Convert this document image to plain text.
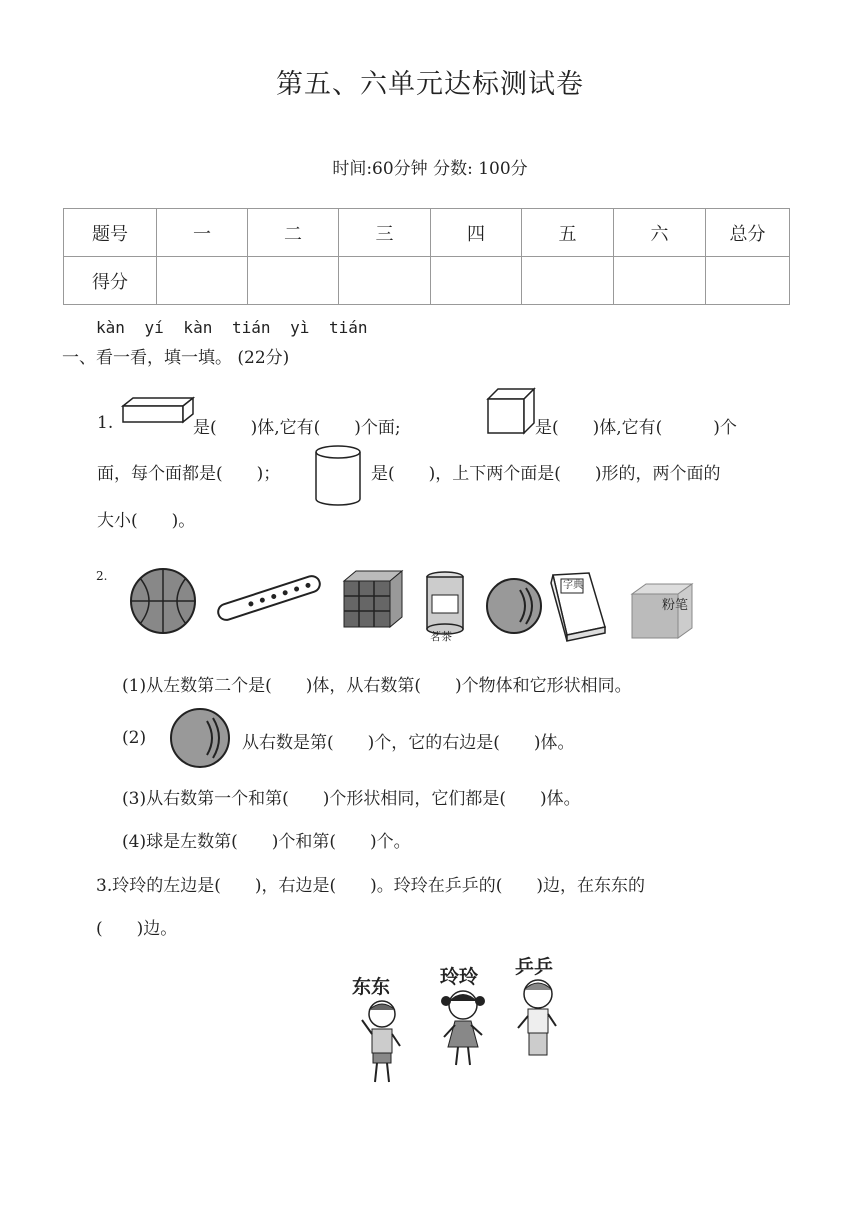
第五、六单元达标测试卷
时间:60分钟 分数: 100分
题号	一	二	三	四	五	六	总分
得分							
kàn yí kàn tián yì tián
一、看一看，填一填。 (22分)
1.	是(　　)体,它有(　　)个面;	是(　　)体,它有(　　　)个
面，每个面都是(　　)；	是(　　)，上下两个面是(　　)形的，两个面的
大小(　　)。
2.
茗茶
字典
粉笔
(1)从左数第二个是(　　)体，从右数第(　　)个物体和它形状相同。
(2)	从右数是第(　　)个，它的右边是(　　)体。
(3)从右数第一个和第(　　)个形状相同，它们都是(　　)体。
(4)球是左数第(　　)个和第(　　)个。
3.玲玲的左边是(　　)，右边是(　　)。玲玲在乒乒的(　　)边，在东东的
(　　)边。
东东	玲玲 乒乒
